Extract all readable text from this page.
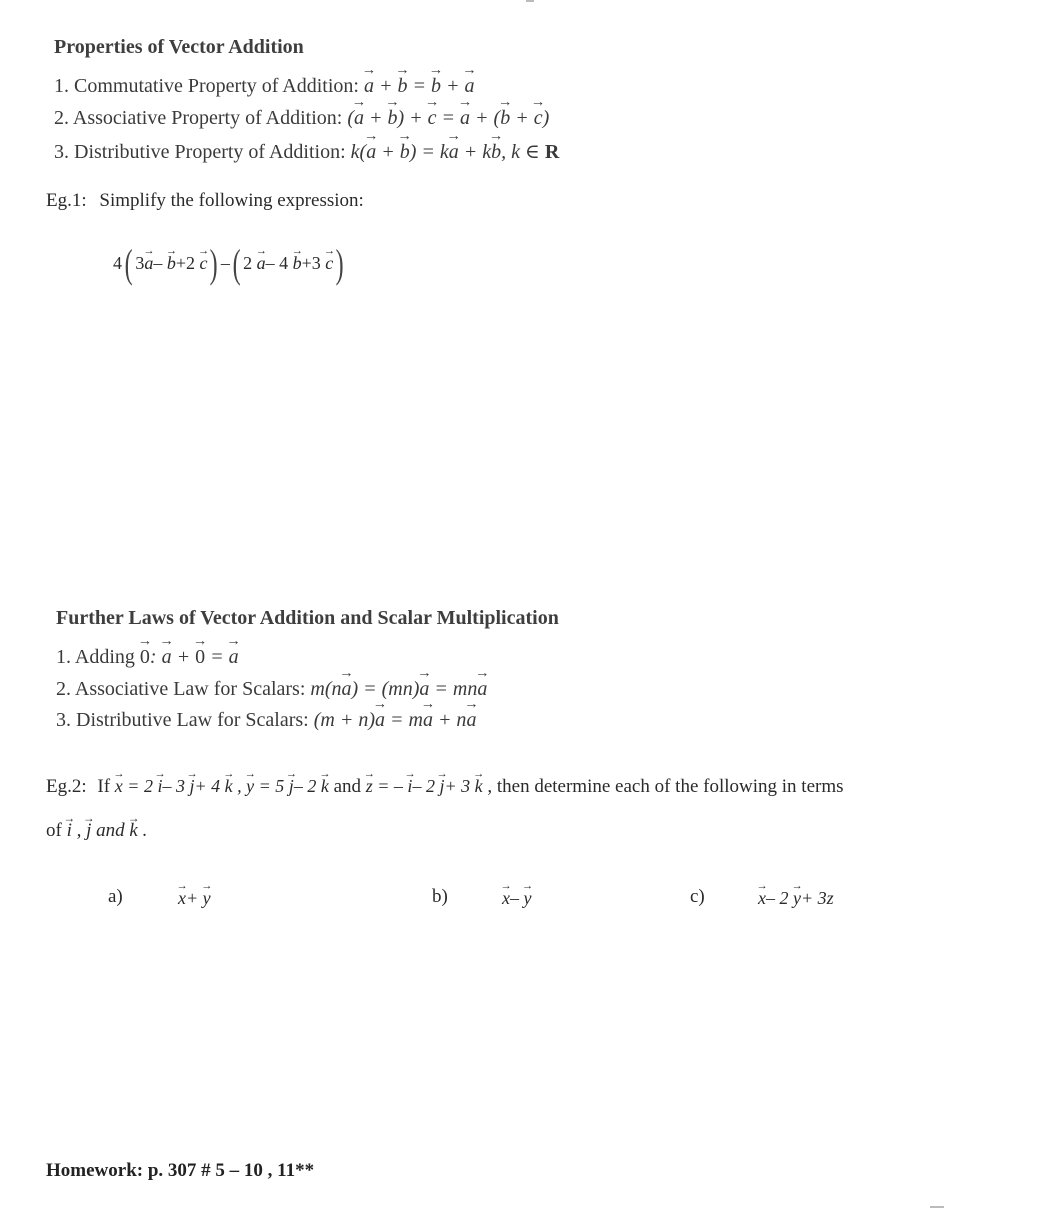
Properties of Vector Addition
1. Commutative Property of Addition: → a + → b = → b + → a
2. Associative Property of Addition: (→ a + → b) + → c = → a + (→ b + → c)
3. Distributive Property of Addition: k(→ a + → b) = k→ a + k→ b, k ∈ R
Eg.1: Simplify the following expression:
4( 3→ a– → b+2 → c) –( 2 → a– 4 → b+3 → c)
Further Laws of Vector Addition and Scalar Multiplication
1. Adding → 0: → a + → 0 = → a
2. Associative Law for Scalars: m(n→ a) = (mn)→ a = mn→ a
3. Distributive Law for Scalars: (m + n)→ a = m→ a + n→ a
Eg.2: If → x = 2 → i– 3 → j+ 4 → k , → y = 5 → j– 2 → k and → z = – → i– 2 → j+ 3 → k , then determine each of the following in terms
of → i , → j and → k .
a)	→ x+ → y	b)	→ x– → y	c)	→ x– 2 → y+ 3z
Homework: p. 307 # 5 – 10 , 11**
